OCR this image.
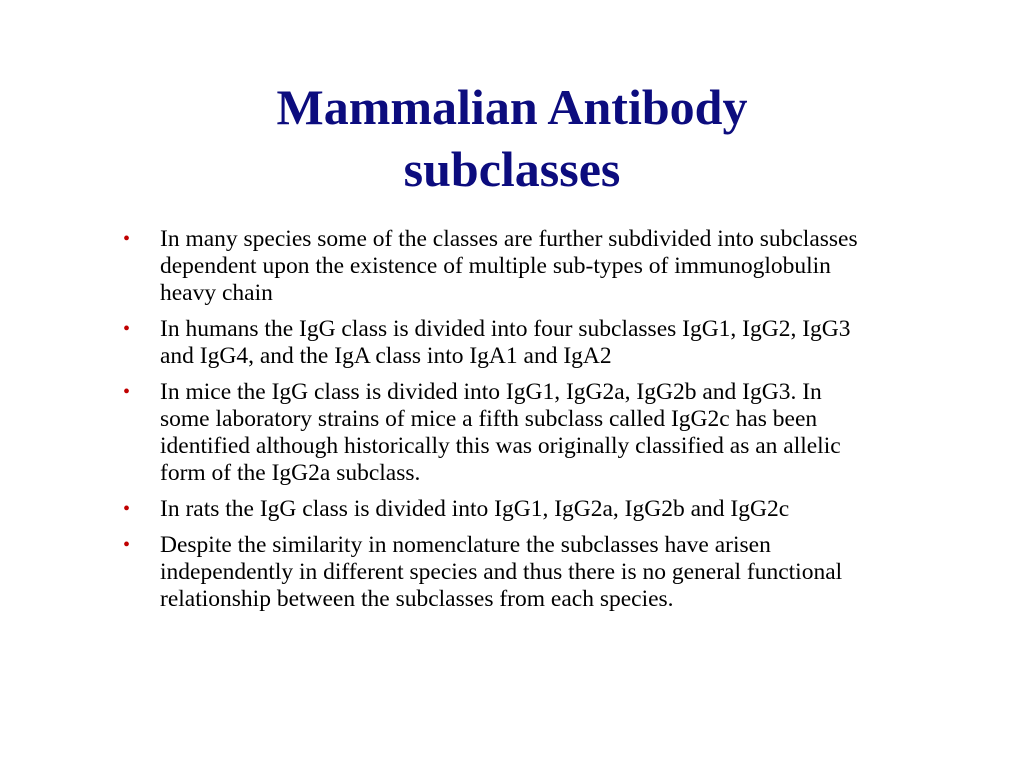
Mammalian Antibody
subclasses
• In many species some of the classes are further subdivided into subclasses dependent upon the existence of multiple sub-types of immunoglobulin heavy chain
• In humans the IgG class is divided into four subclasses IgG1, IgG2, IgG3 and IgG4, and the IgA class into IgA1 and IgA2
• In mice the IgG class is divided into IgG1, IgG2a, IgG2b and IgG3. In some laboratory strains of mice a fifth subclass called IgG2c has been identified although historically this was originally classified as an allelic form of the IgG2a subclass.
• In rats the IgG class is divided into IgG1, IgG2a, IgG2b and IgG2c
• Despite the similarity in nomenclature the subclasses have arisen independently in different species and thus there is no general functional relationship between the subclasses from each species.
